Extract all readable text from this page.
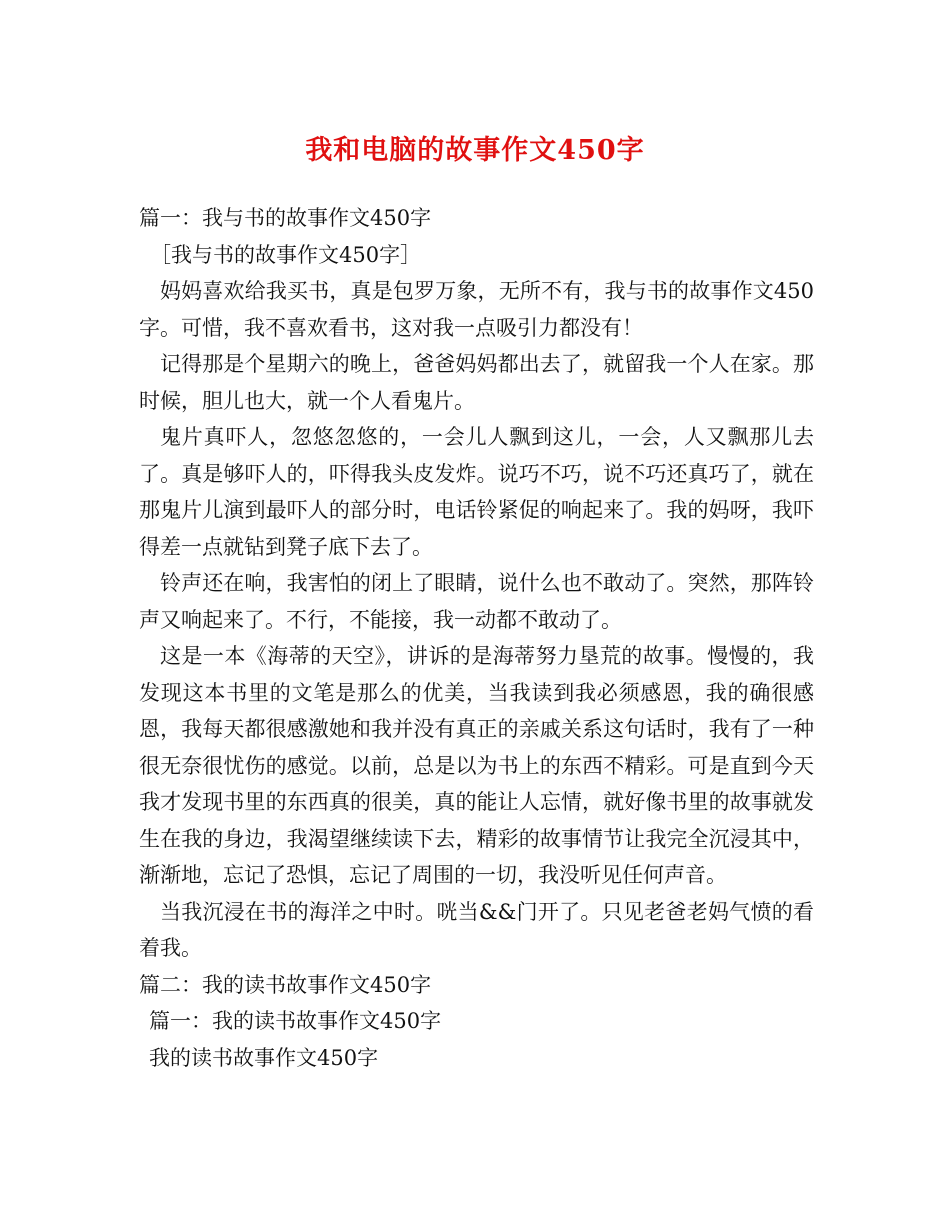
我和电脑的故事作文450字

篇一：我与书的故事作文450字

［我与书的故事作文450字］

妈妈喜欢给我买书，真是包罗万象，无所不有，我与书的故事作文450字。可惜，我不喜欢看书，这对我一点吸引力都没有！

记得那是个星期六的晚上，爸爸妈妈都出去了，就留我一个人在家。那时候，胆儿也大，就一个人看鬼片。

鬼片真吓人，忽悠忽悠的，一会儿人飘到这儿，一会，人又飘那儿去了。真是够吓人的，吓得我头皮发炸。说巧不巧，说不巧还真巧了，就在那鬼片儿演到最吓人的部分时，电话铃紧促的响起来了。我的妈呀，我吓得差一点就钻到凳子底下去了。

铃声还在响，我害怕的闭上了眼睛，说什么也不敢动了。突然，那阵铃声又响起来了。不行，不能接，我一动都不敢动了。

这是一本《海蒂的天空》，讲诉的是海蒂努力垦荒的故事。慢慢的，我发现这本书里的文笔是那么的优美，当我读到我必须感恩，我的确很感恩，我每天都很感激她和我并没有真正的亲戚关系这句话时，我有了一种很无奈很忧伤的感觉。以前，总是以为书上的东西不精彩。可是直到今天我才发现书里的东西真的很美，真的能让人忘情，就好像书里的故事就发生在我的身边，我渴望继续读下去，精彩的故事情节让我完全沉浸其中，渐渐地，忘记了恐惧，忘记了周围的一切，我没听见任何声音。

当我沉浸在书的海洋之中时。咣当&&门开了。只见老爸老妈气愤的看着我。

篇二：我的读书故事作文450字

篇一：我的读书故事作文450字

我的读书故事作文450字
